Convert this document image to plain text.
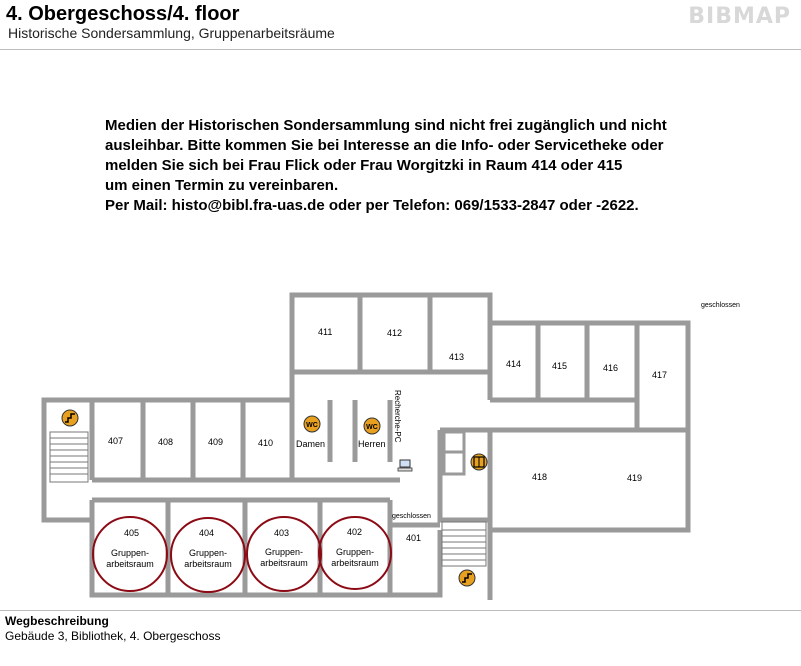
4. Obergeschoss/4. floor
Historische Sondersammlung, Gruppenarbeitsräume
BIBMAP
Medien der Historischen Sondersammlung sind nicht frei zugänglich und nicht
ausleihbar. Bitte kommen Sie bei Interesse an die Info- oder Servicetheke oder
melden Sie sich bei Frau Flick oder Frau Worgitzki in Raum 414 oder 415
um einen Termin zu vereinbaren.
Per Mail: histo@bibl.fra-uas.de oder per Telefon: 069/1533-2847 oder -2622.
WC	WC
411	412
413
414	415	416
417
407	408	409	410
418	419
401
Damen	Herren
Recherche-PC
geschlossen
geschlossen
405
Gruppen-
arbeitsraum
404
Gruppen-
arbeitsraum
403
Gruppen-
arbeitsraum
402
Gruppen-
arbeitsraum
Wegbeschreibung
Gebäude 3, Bibliothek, 4. Obergeschoss
